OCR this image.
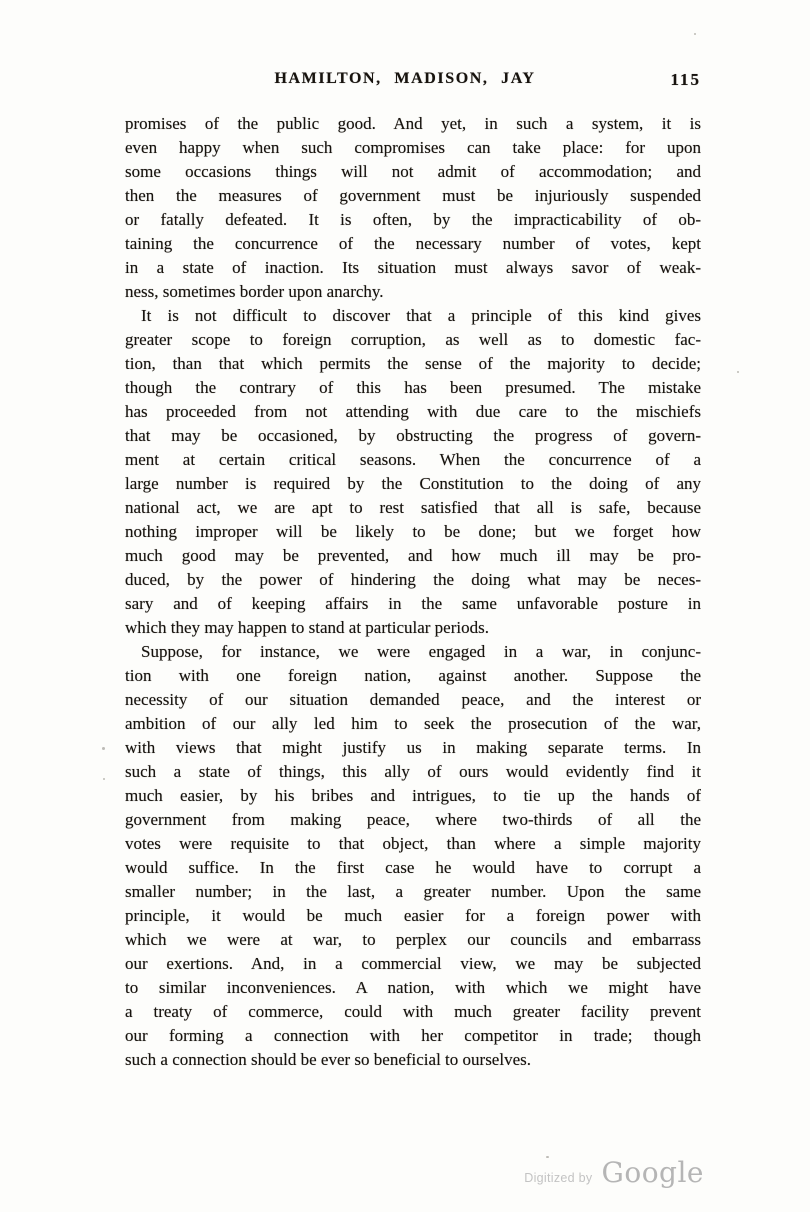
HAMILTON, MADISON, JAY	115
promises of the public good. And yet, in such a system, it is
even happy when such compromises can take place: for upon
some occasions things will not admit of accommodation; and
then the measures of government must be injuriously suspended
or fatally defeated. It is often, by the impracticability of ob-
taining the concurrence of the necessary number of votes, kept
in a state of inaction. Its situation must always savor of weak-
ness, sometimes border upon anarchy.
It is not difficult to discover that a principle of this kind gives
greater scope to foreign corruption, as well as to domestic fac-
tion, than that which permits the sense of the majority to decide;
though the contrary of this has been presumed. The mistake
has proceeded from not attending with due care to the mischiefs
that may be occasioned, by obstructing the progress of govern-
ment at certain critical seasons. When the concurrence of a
large number is required by the Constitution to the doing of any
national act, we are apt to rest satisfied that all is safe, because
nothing improper will be likely to be done; but we forget how
much good may be prevented, and how much ill may be pro-
duced, by the power of hindering the doing what may be neces-
sary and of keeping affairs in the same unfavorable posture in
which they may happen to stand at particular periods.
Suppose, for instance, we were engaged in a war, in conjunc-
tion with one foreign nation, against another. Suppose the
necessity of our situation demanded peace, and the interest or
ambition of our ally led him to seek the prosecution of the war,
with views that might justify us in making separate terms. In
such a state of things, this ally of ours would evidently find it
much easier, by his bribes and intrigues, to tie up the hands of
government from making peace, where two-thirds of all the
votes were requisite to that object, than where a simple majority
would suffice. In the first case he would have to corrupt a
smaller number; in the last, a greater number. Upon the same
principle, it would be much easier for a foreign power with
which we were at war, to perplex our councils and embarrass
our exertions. And, in a commercial view, we may be subjected
to similar inconveniences. A nation, with which we might have
a treaty of commerce, could with much greater facility prevent
our forming a connection with her competitor in trade; though
such a connection should be ever so beneficial to ourselves.
Digitized by Google
